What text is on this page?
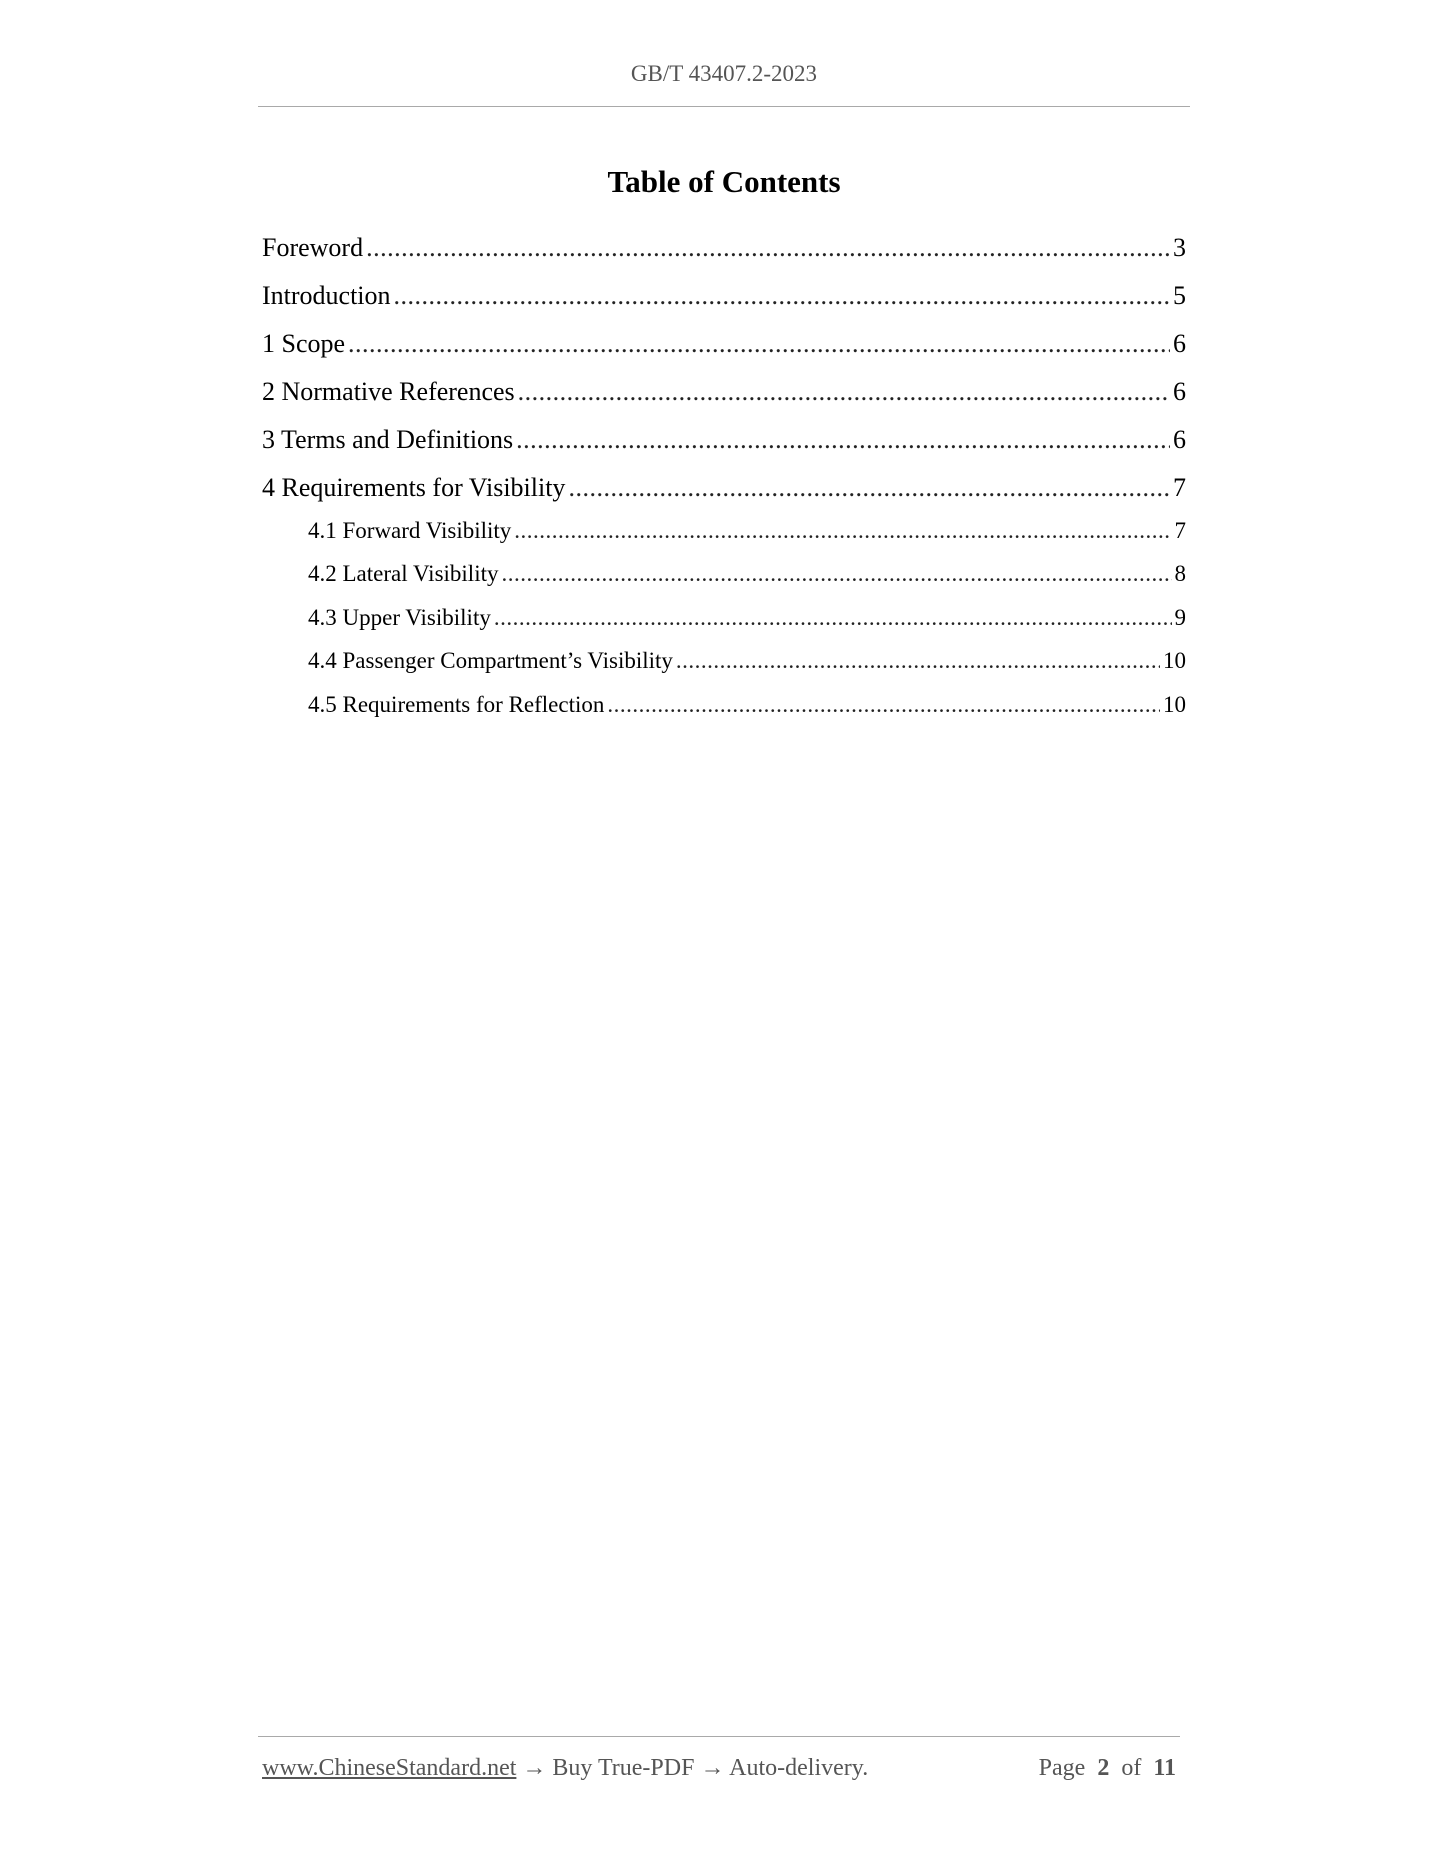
GB/T 43407.2-2023
Table of Contents
Foreword .....	3
Introduction .....	5
1 Scope .....	6
2 Normative References .....	6
3 Terms and Definitions .....	6
4 Requirements for Visibility .....	7
4.1 Forward Visibility .....	7
4.2 Lateral Visibility .....	8
4.3 Upper Visibility .....	9
4.4 Passenger Compartment’s Visibility .....	10
4.5 Requirements for Reflection .....	10
www.ChineseStandard.net → Buy True-PDF → Auto-delivery.	Page 2 of 11
